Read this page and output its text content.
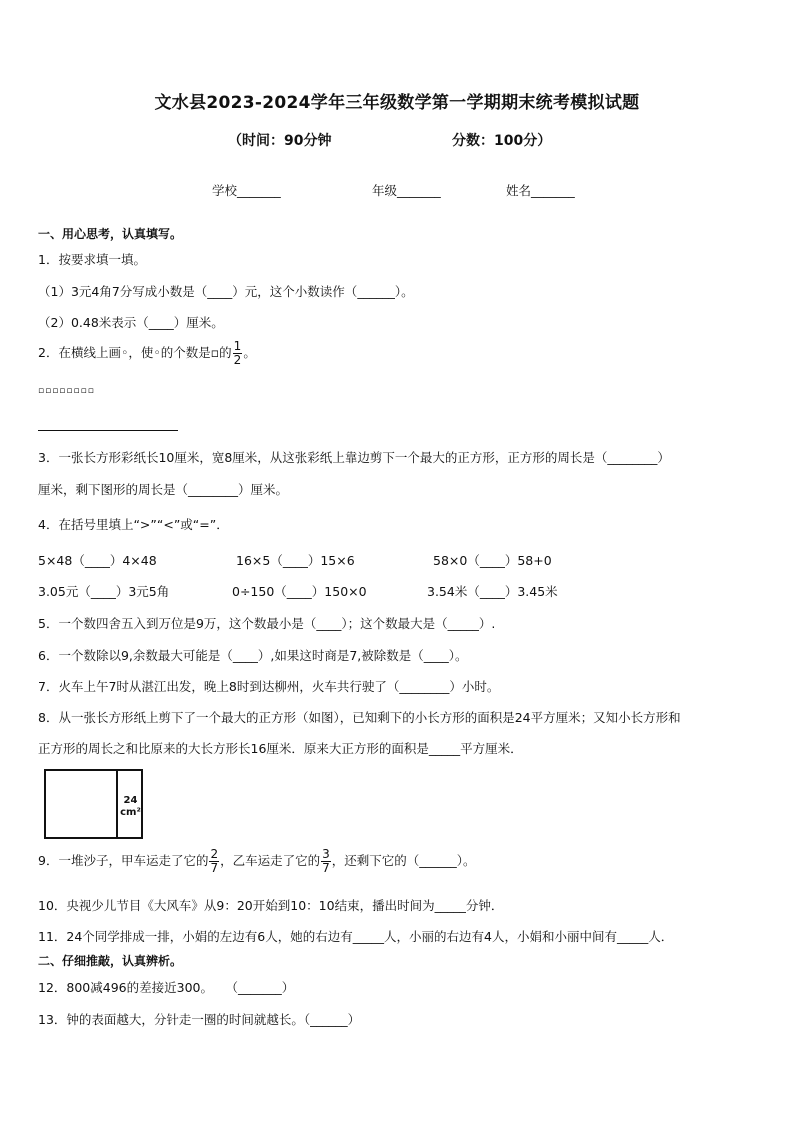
文水县2023-2024学年三年级数学第一学期期末统考模拟试题
（时间：90分钟	分数：100分）
学校_______	年级_______	姓名_______
一、用心思考，认真填写。
1．按要求填一填。
（1）3元4角7分写成小数是（____）元，这个小数读作（______）。
（2）0.48米表示（____）厘米。
2．在横线上画◦，使◦的个数是▫的 $\frac{1}{2}$ 。
▫▫▫▫▫▫▫▫
3．一张长方形彩纸长10厘米，宽8厘米，从这张彩纸上靠边剪下一个最大的正方形，正方形的周长是（________）
厘米，剩下图形的周长是（________）厘米。
4．在括号里填上“>”“<”或“=”．
5×48（____）4×48	16×5（____）15×6	58×0（____）58+0
3.05元（____）3元5角	0÷150（____）150×0	3.54米（____）3.45米
5．一个数四舍五入到万位是9万，这个数最小是（____）；这个数最大是（_____）.
6．一个数除以9,余数最大可能是（____）,如果这时商是7,被除数是（____）。
7．火车上午7时从湛江出发，晚上8时到达柳州，火车共行驶了（________）小时。
8．从一张长方形纸上剪下了一个最大的正方形（如图），已知剩下的小长方形的面积是24平方厘米；又知小长方形和
正方形的周长之和比原来的大长方形长16厘米．原来大正方形的面积是_____平方厘米．
24
cm²
9．一堆沙子，甲车运走了它的 $\frac{2}{7}$ ，乙车运走了它的 $\frac{3}{7}$ ，还剩下它的（______）。
10．央视少儿节目《大风车》从9：20开始到10：10结束，播出时间为_____分钟．
11．24个同学排成一排，小娟的左边有6人，她的右边有_____人，小丽的右边有4人，小娟和小丽中间有_____人．
二、仔细推敲，认真辨析。
12．800减496的差接近300。　　（_______）
13．钟的表面越大，分针走一圈的时间就越长。（______）
